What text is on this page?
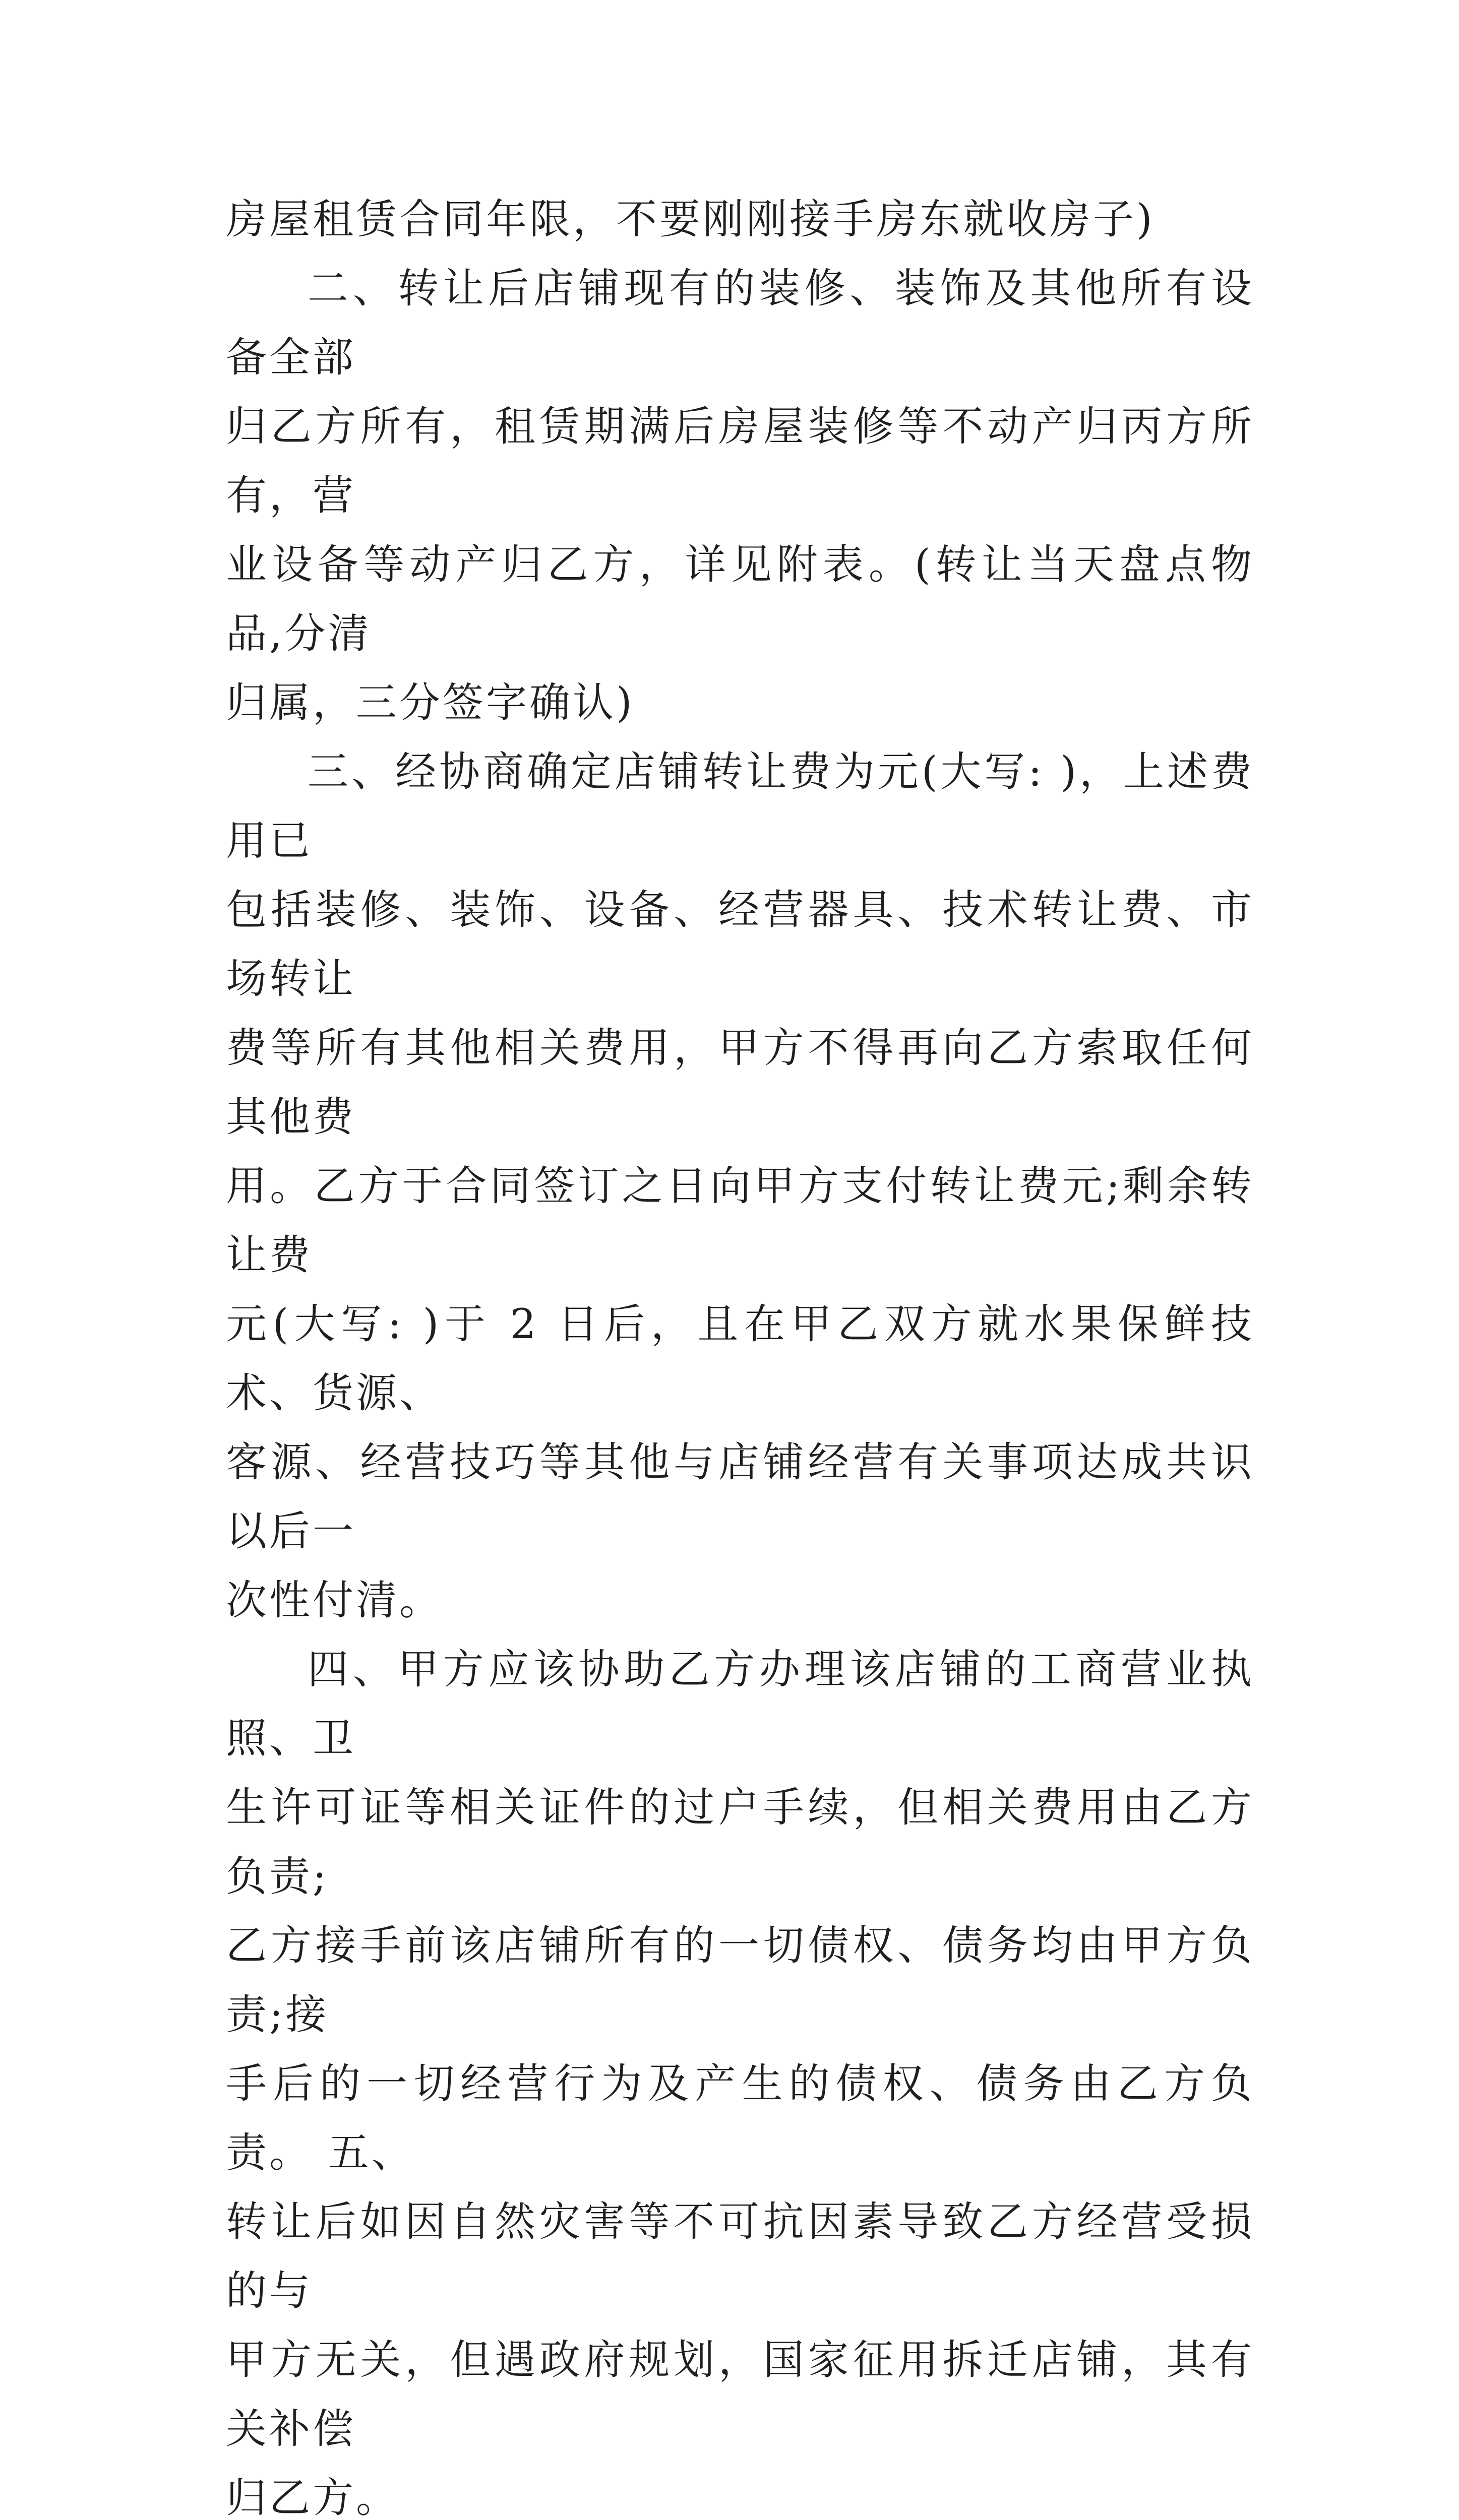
房屋租赁合同年限，不要刚刚接手房东就收房子)

二、转让后店铺现有的装修、装饰及其他所有设备全部
归乙方所有，租赁期满后房屋装修等不动产归丙方所有，营
业设备等动产归乙方，详见附表。(转让当天盘点物品,分清
归属，三分签字确认)

三、经协商确定店铺转让费为元(大写: )，上述费用已
包括装修、装饰、设备、经营器具、技术转让费、市场转让
费等所有其他相关费用，甲方不得再向乙方索取任何其他费
用。乙方于合同签订之日向甲方支付转让费元;剩余转让费
元(大写: )于 2 日后，且在甲乙双方就水果保鲜技术、货源、
客源、经营技巧等其他与店铺经营有关事项达成共识以后一
次性付清。

四、甲方应该协助乙方办理该店铺的工商营业执照、卫
生许可证等相关证件的过户手续，但相关费用由乙方负责;
乙方接手前该店铺所有的一切债权、债务均由甲方负责;接
手后的一切经营行为及产生的债权、债务由乙方负责。 五、
转让后如因自然灾害等不可抗因素导致乙方经营受损的与
甲方无关，但遇政府规划，国家征用拆迁店铺，其有关补偿
归乙方。
